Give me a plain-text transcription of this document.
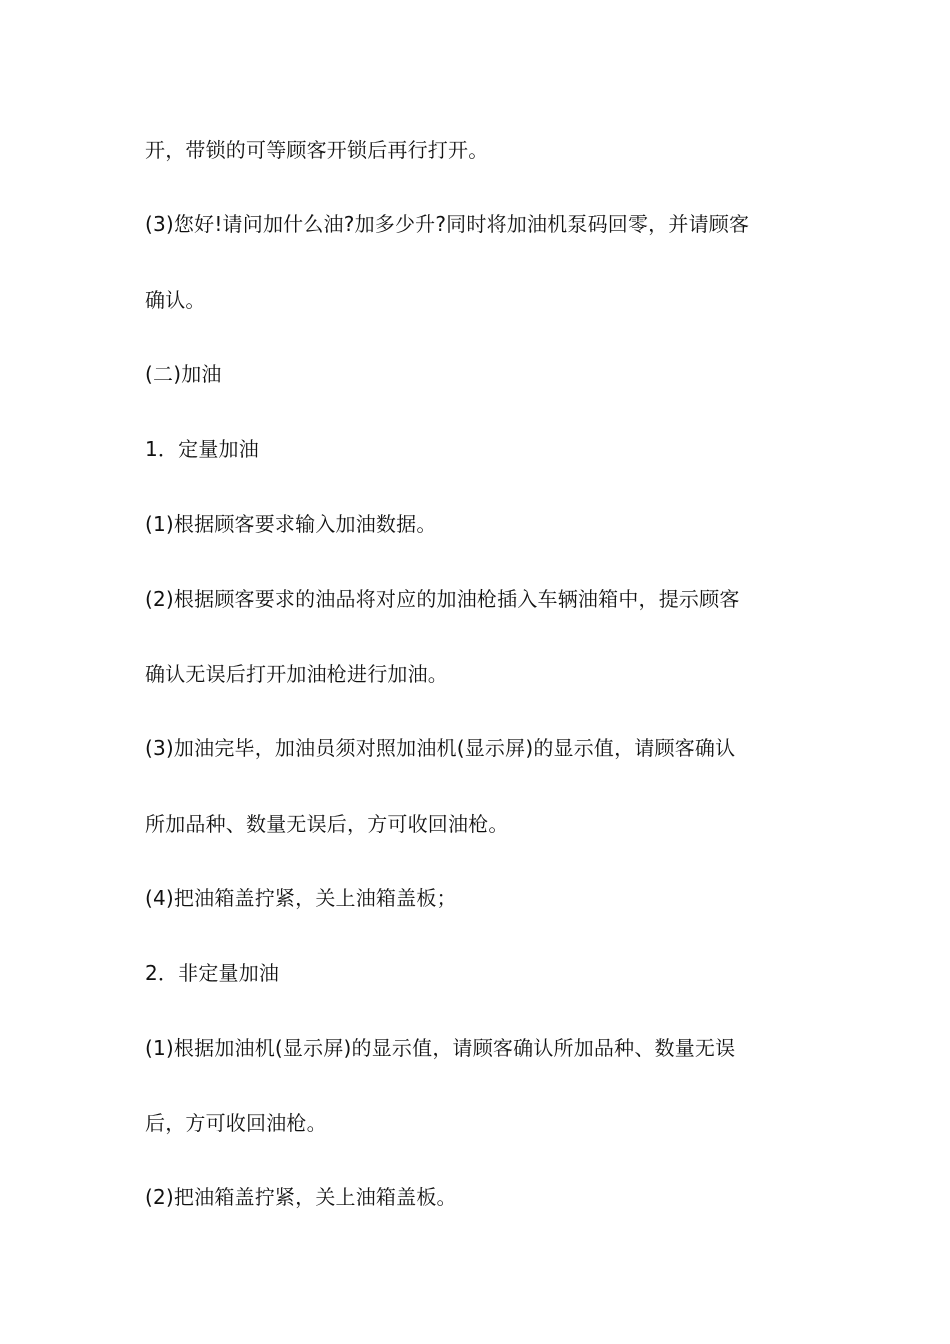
开，带锁的可等顾客开锁后再行打开。
(3)您好!请问加什么油?加多少升?同时将加油机泵码回零，并请顾客
确认。
(二)加油
1．定量加油
(1)根据顾客要求输入加油数据。
(2)根据顾客要求的油品将对应的加油枪插入车辆油箱中，提示顾客
确认无误后打开加油枪进行加油。
(3)加油完毕，加油员须对照加油机(显示屏)的显示值，请顾客确认
所加品种、数量无误后，方可收回油枪。
(4)把油箱盖拧紧，关上油箱盖板；
2．非定量加油
(1)根据加油机(显示屏)的显示值，请顾客确认所加品种、数量无误
后，方可收回油枪。
(2)把油箱盖拧紧，关上油箱盖板。
